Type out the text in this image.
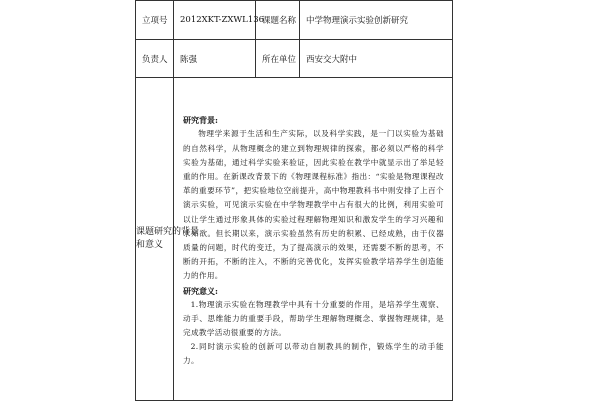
立项号	2012XKT-ZXWL136	课题名称	中学物理演示实验创新研究

负责人	陈强	所在单位	西安交大附中

课题研究的背景和意义	研究背景:

物理学来源于生活和生产实际，以及科学实践，是一门以实验为基础的自然科学，从物理概念的建立到物理规律的探索，都必须以严格的科学实验为基础，通过科学实验来验证，因此实验在教学中就显示出了举足轻重的作用。在新课改背景下的《物理课程标准》指出：“实验是物理课程改革的重要环节”，把实验地位空前提升，高中物理教科书中则安排了上百个演示实验，可见演示实验在中学物理教学中占有很大的比例，利用实验可以让学生通过形象具体的实验过程理解物理知识和激发学生的学习兴趣和求知欲。但长期以来，演示实验虽然有历史的积累、已经成熟，由于仪器质量的问题，时代的变迁，为了提高演示的效果，还需要不断的思考，不断的开拓，不断的注入，不断的完善优化，发挥实验教学培养学生创造能力的作用。

研究意义:

1.物理演示实验在物理教学中具有十分重要的作用，是培养学生观察、动手、思维能力的重要手段，帮助学生理解物理概念、掌握物理规律，是完成教学活动很重要的方法。

2.同时演示实验的创新可以带动自制教具的制作，锻炼学生的动手能力。		
